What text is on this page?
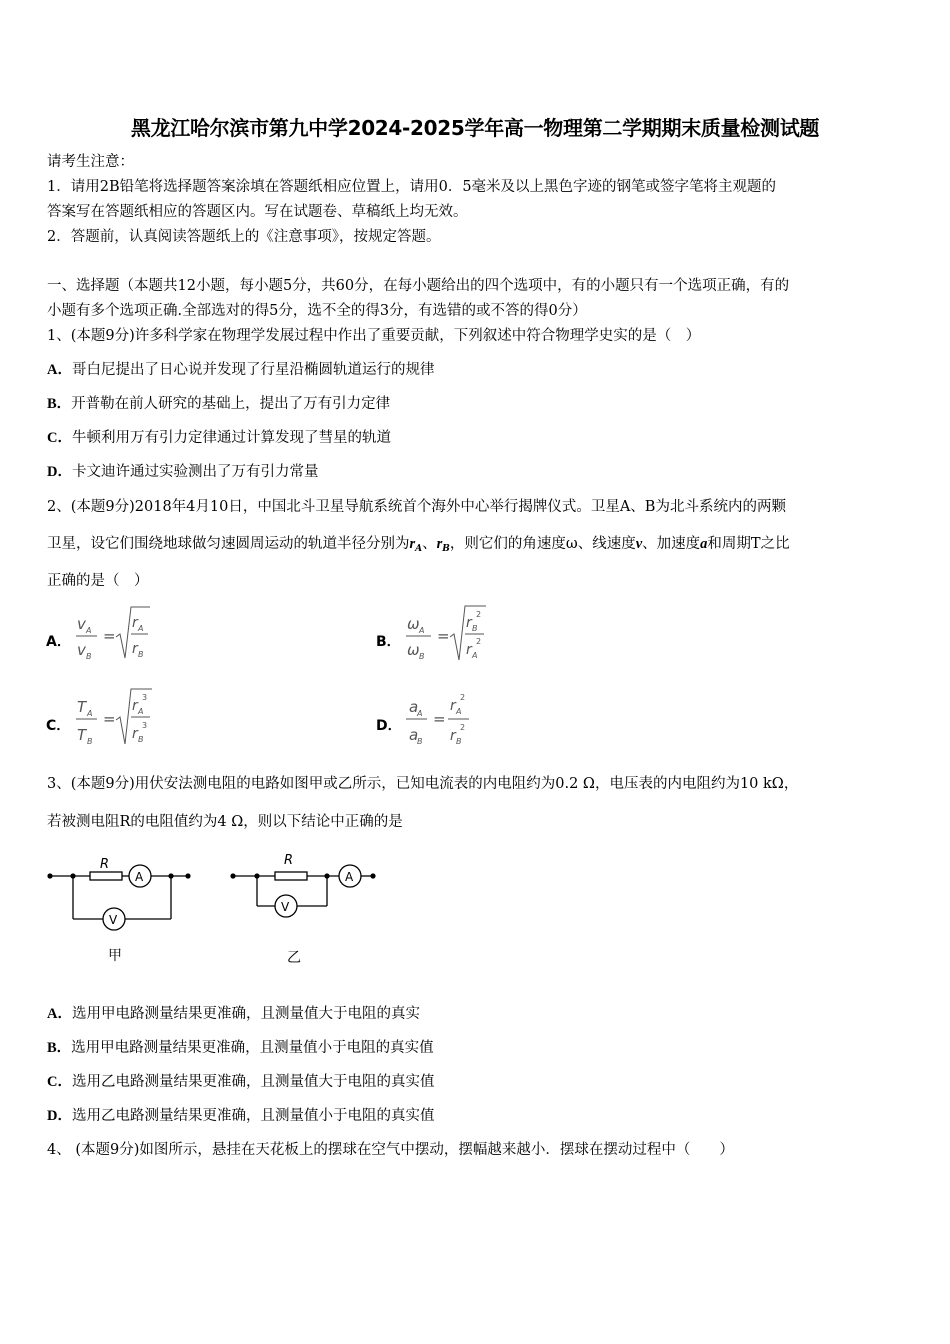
黑龙江哈尔滨市第九中学2024-2025学年高一物理第二学期期末质量检测试题
请考生注意：
1．请用2B铅笔将选择题答案涂填在答题纸相应位置上，请用0．5毫米及以上黑色字迹的钢笔或签字笔将主观题的
答案写在答题纸相应的答题区内。写在试题卷、草稿纸上均无效。
2．答题前，认真阅读答题纸上的《注意事项》，按规定答题。
一、选择题（本题共12小题，每小题5分，共60分，在每小题给出的四个选项中，有的小题只有一个选项正确，有的
小题有多个选项正确.全部选对的得5分，选不全的得3分，有选错的或不答的得0分）
1、(本题9分)许多科学家在物理学发展过程中作出了重要贡献，下列叙述中符合物理学史实的是（　）
A．哥白尼提出了日心说并发现了行星沿椭圆轨道运行的规律
B．开普勒在前人研究的基础上，提出了万有引力定律
C．牛顿利用万有引力定律通过计算发现了彗星的轨道
D．卡文迪许通过实验测出了万有引力常量
2、(本题9分)2018年4月10日，中国北斗卫星导航系统首个海外中心举行揭牌仪式。卫星A、B为北斗系统内的两颗
卫星，设它们围绕地球做匀速圆周运动的轨道半径分别为$r_A$、$r_B$，则它们的角速度ω、线速度v、加速度a和周期T之比
正确的是（　）
A．
v A
v B
=
r A
r B
C．
T A
T B
=
r A
3
r B
3
B．
ω A
ω B
=
r B
2
r A
2
D．
a
A
a
B
=
r A
2
r B
2
3、(本题9分)用伏安法测电阻的电路如图甲或乙所示，已知电流表的内电阻约为0.2 Ω，电压表的内电阻约为10 kΩ，
若被测电阻R的电阻值约为4 Ω，则以下结论中正确的是
R
A
V
R
A
V
甲	乙
A．选用甲电路测量结果更准确，且测量值大于电阻的真实
B．选用甲电路测量结果更准确，且测量值小于电阻的真实值
C．选用乙电路测量结果更准确，且测量值大于电阻的真实值
D．选用乙电路测量结果更准确，且测量值小于电阻的真实值
4、 (本题9分)如图所示，悬挂在天花板上的摆球在空气中摆动，摆幅越来越小．摆球在摆动过程中（　　）
